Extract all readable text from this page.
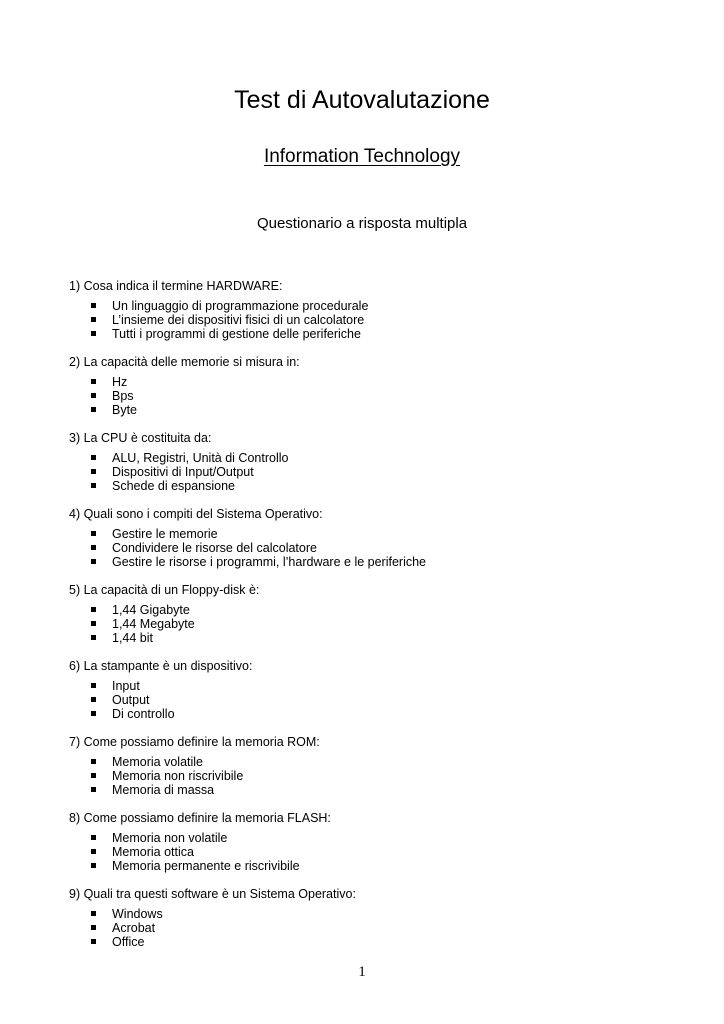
Test di Autovalutazione
Information Technology

Questionario a risposta multipla

1) Cosa indica il termine HARDWARE:

Un linguaggio di programmazione procedurale
L’insieme dei dispositivi fisici di un calcolatore
Tutti i programmi di gestione delle periferiche

2) La capacità delle memorie si misura in:

Hz
Bps
Byte

3) La CPU è costituita da:

ALU, Registri, Unità di Controllo
Dispositivi di Input/Output
Schede di espansione

4) Quali sono i compiti del Sistema Operativo:

Gestire le memorie
Condividere le risorse del calcolatore
Gestire le risorse i programmi, l’hardware e le periferiche

5) La capacità di un Floppy-disk è:

1,44 Gigabyte
1,44 Megabyte
1,44 bit

6) La stampante è un dispositivo:

Input
Output
Di controllo

7) Come possiamo definire la memoria ROM:

Memoria volatile
Memoria non riscrivibile
Memoria di massa

8) Come possiamo definire la memoria FLASH:

Memoria non volatile
Memoria ottica
Memoria permanente e riscrivibile

9) Quali tra questi software è un Sistema Operativo:

Windows
Acrobat
Office

1
